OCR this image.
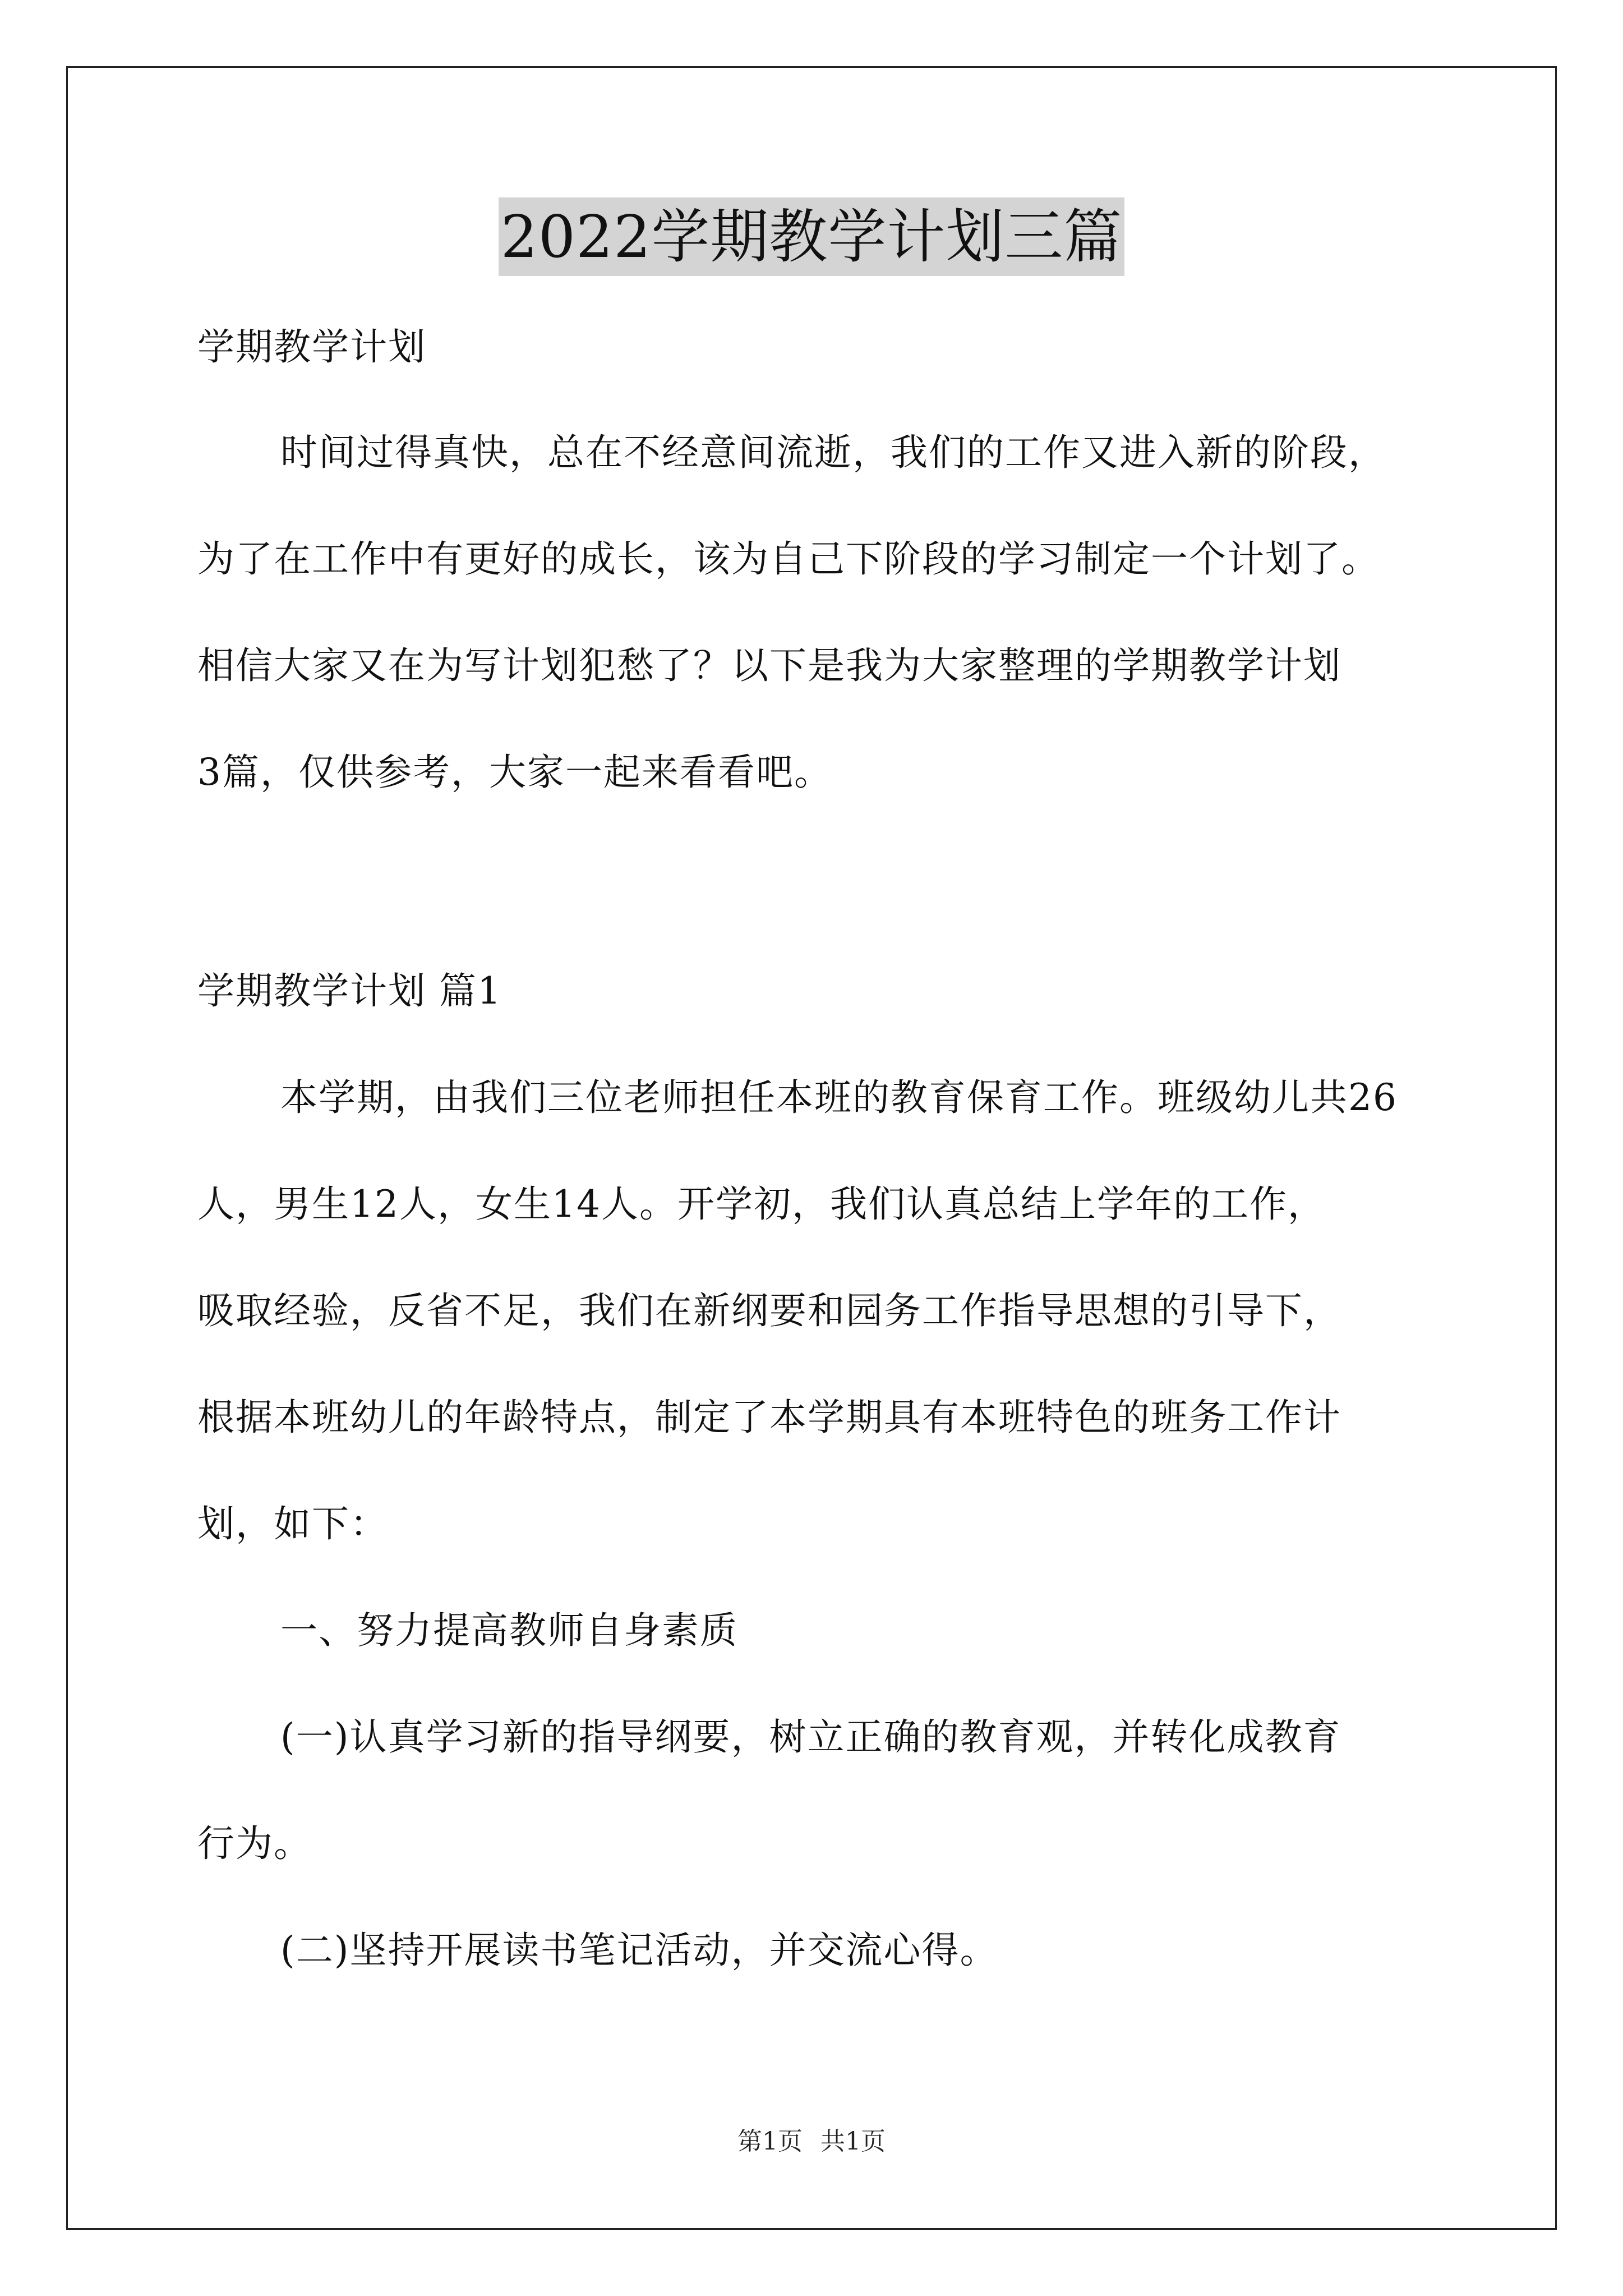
2022学期教学计划三篇
学期教学计划
时间过得真快，总在不经意间流逝，我们的工作又进入新的阶段，
为了在工作中有更好的成长，该为自己下阶段的学习制定一个计划了。
相信大家又在为写计划犯愁了？以下是我为大家整理的学期教学计划
3篇，仅供参考，大家一起来看看吧。
学期教学计划 篇1
本学期，由我们三位老师担任本班的教育保育工作。班级幼儿共26
人，男生12人，女生14人。开学初，我们认真总结上学年的工作，
吸取经验，反省不足，我们在新纲要和园务工作指导思想的引导下，
根据本班幼儿的年龄特点，制定了本学期具有本班特色的班务工作计
划，如下：
一、努力提高教师自身素质
(一)认真学习新的指导纲要，树立正确的教育观，并转化成教育
行为。
(二)坚持开展读书笔记活动，并交流心得。
第1页 共1页
